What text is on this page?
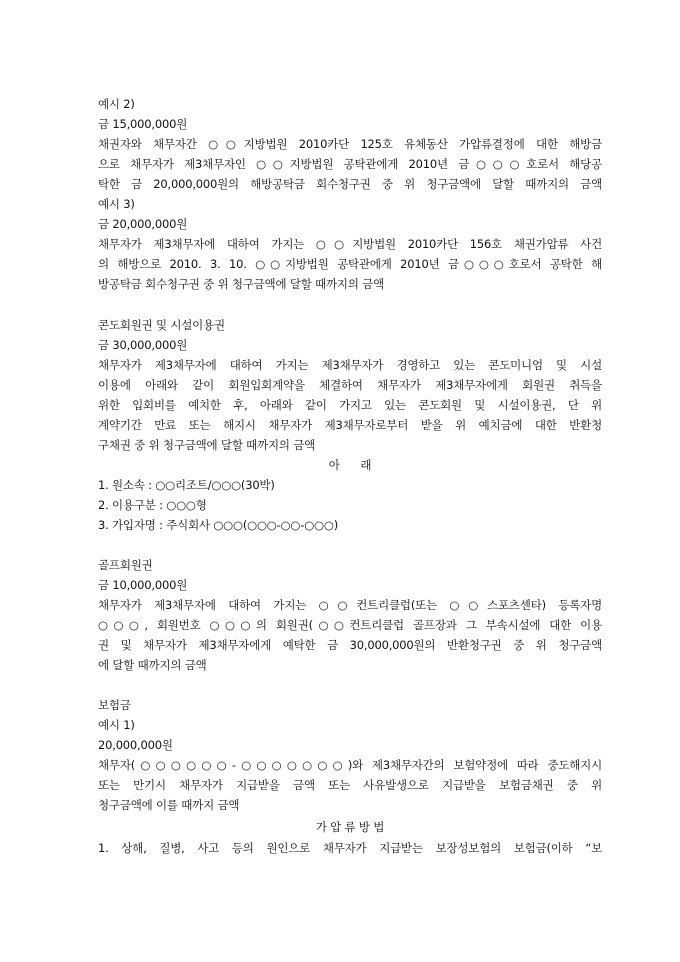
예시 2)
금 15,000,000원
채권자와 채무자간 ○○지방법원 2010카단 125호 유체동산 가압류결정에 대한 해방금
으로 채무자가 제3채무자인 ○○지방법원 공탁관에게 2010년 금○○○호로서 해당공
탁한 금 20,000,000원의 해방공탁금 회수청구권 중 위 청구금액에 달할 때까지의 금액
예시 3)
금 20,000,000원
채무자가 제3채무자에 대하여 가지는 ○○지방법원 2010카단 156호 채권가압류 사건
의 해방으로 2010. 3. 10. ○○지방법원 공탁관에게 2010년 금○○○호로서 공탁한 해
방공탁금 회수청구권 중 위 청구금액에 달할 때까지의 금액
콘도회원권 및 시설이용권
금 30,000,000원
채무자가 제3채무자에 대하여 가지는 제3채무자가 경영하고 있는 콘도미니엄 및 시설
이용에 아래와 같이 회원입회계약을 체결하여 채무자가 제3채무자에게 회원권 취득을
위한 입회비를 예치한 후, 아래와 같이 가지고 있는 콘도회원 및 시설이용권, 단 위
계약기간 만료 또는 해지시 채무자가 제3채무자로부터 받을 위 예치금에 대한 반환청
구채권 중 위 청구금액에 달할 때까지의 금액
아      래
1. 원소속 : ○○리조트/○○○(30박)
2. 이용구분 : ○○○형
3. 가입자명 : 주식회사 ○○○(○○○-○○-○○○)
골프회원권
금 10,000,000원
채무자가 제3채무자에 대하여 가지는 ○○컨트리클럽(또는 ○○스포츠센타) 등록자명
○○○, 회원번호 ○○○의 회원권(○○컨트리클럽 골프장과 그 부속시설에 대한 이용
권 및 채무자가 제3채무자에게 예탁한 금 30,000,000원의 반환청구권 중 위 청구금액
에 달할 때까지의 금액
보험금
예시 1)
20,000,000원
채무자(○○○○○○-○○○○○○○)와 제3채무자간의 보험약정에 따라 중도해지시
또는 만기시 채무자가 지급받을 금액 또는 사유발생으로 지급받을 보험금채권 중 위
청구금액에 이를 때까지 금액
가 압 류 방 법
1. 상해, 질병, 사고 등의 원인으로 채무자가 지급받는 보장성보험의 보험금(이하 “보
